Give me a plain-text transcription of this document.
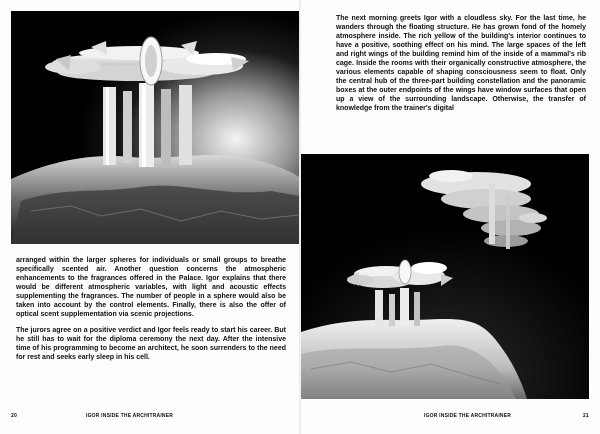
arranged within the larger spheres for individuals or small groups to breathe specifically scented air. Another question concerns the atmospheric enhancements to the fragrances offered in the Palace. Igor explains that there would be different atmospheric variables, with light and acoustic effects supplementing the fragrances. The number of people in a sphere would also be taken into account by the control elements. Finally, there is also the offer of optical scent supplementation via scenic projections.

The jurors agree on a positive verdict and Igor feels ready to start his career. But he still has to wait for the diploma ceremony the next day. After the intensive time of his programming to become an architect, he soon surrenders to the need for rest and seeks early sleep in his cell.

The next morning greets Igor with a cloudless sky. For the last time, he wanders through the floating structure. He has grown fond of the homely atmosphere inside. The rich yellow of the building's interior continues to have a positive, soothing effect on his mind. The large spaces of the left and right wings of the building remind him of the inside of a mammal's rib cage. Inside the rooms with their organically constructive atmosphere, the various elements capable of shaping consciousness seem to float. Only the central hub of the three-part building constellation and the panoramic boxes at the outer endpoints of the wings have window surfaces that open up a view of the surrounding landscape. Otherwise, the transfer of knowledge from the trainer's digital

20	IGOR INSIDE THE ARCHITRAINER	IGOR INSIDE THE ARCHITRAINER	21
